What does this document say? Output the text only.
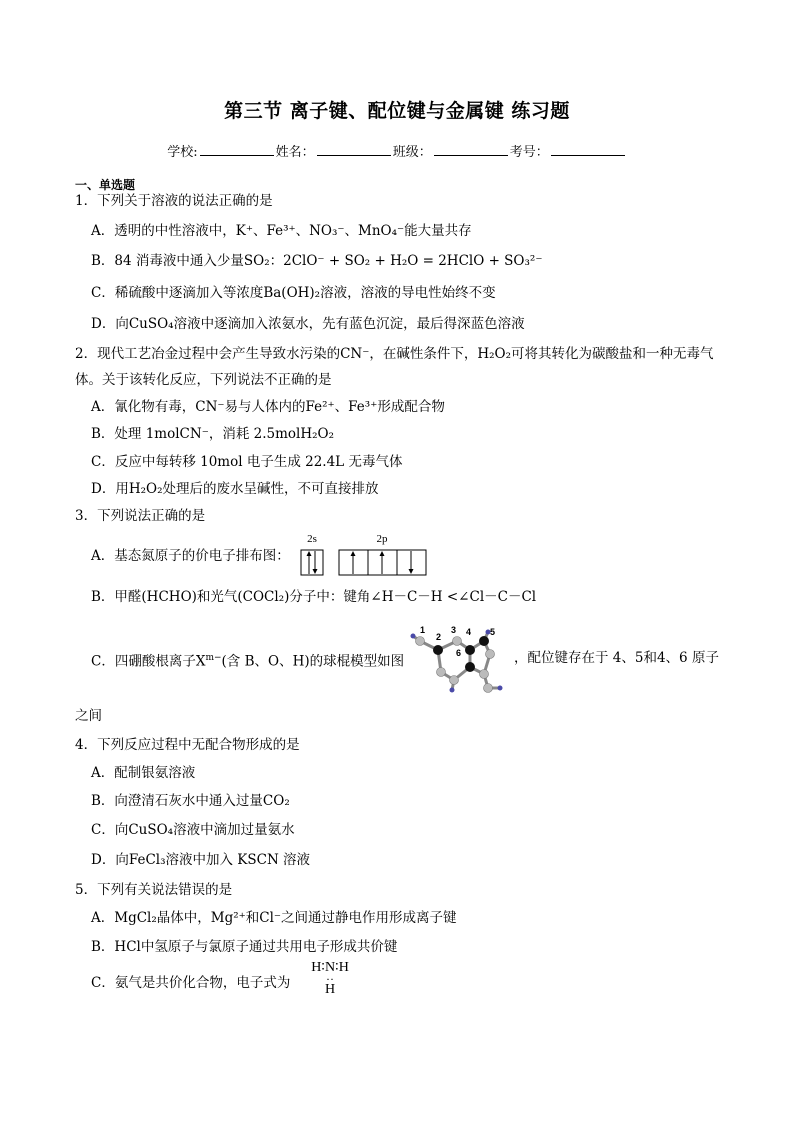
第三节 离子键、配位键与金属键 练习题
学校:	姓名：	班级：	考号：
一、单选题
1．下列关于溶液的说法正确的是
A．透明的中性溶液中，K⁺、Fe³⁺、NO₃⁻、MnO₄⁻能大量共存
B．84 消毒液中通入少量SO₂：2ClO⁻ + SO₂ + H₂O = 2HClO + SO₃²⁻
C．稀硫酸中逐滴加入等浓度Ba(OH)₂溶液，溶液的导电性始终不变
D．向CuSO₄溶液中逐滴加入浓氨水，先有蓝色沉淀，最后得深蓝色溶液
2．现代工艺冶金过程中会产生导致水污染的CN⁻，在碱性条件下，H₂O₂可将其转化为碳酸盐和一种无毒气
体。关于该转化反应，下列说法不正确的是
A．氰化物有毒，CN⁻易与人体内的Fe²⁺、Fe³⁺形成配合物
B．处理 1molCN⁻，消耗 2.5molH₂O₂
C．反应中每转移 10mol 电子生成 22.4L 无毒气体
D．用H₂O₂处理后的废水呈碱性，不可直接排放
3．下列说法正确的是
A．基态氮原子的价电子排布图：
2s	2p
B．甲醛(HCHO)和光气(COCl₂)分子中：键角∠H－C－H <∠Cl－C－Cl
C．四硼酸根离子$X^{m-}$(含 B、O、H)的球棍模型如图
1
2
3 4 5
6	，配位键存在于 4、5和4、6 原子
之间
4．下列反应过程中无配合物形成的是
A．配制银氨溶液
B．向澄清石灰水中通入过量CO₂
C．向CuSO₄溶液中滴加过量氨水
D．向FeCl₃溶液中加入 KSCN 溶液
5．下列有关说法错误的是
A．MgCl₂晶体中，Mg²⁺和Cl⁻之间通过静电作用形成离子键
B．HCl中氢原子与氯原子通过共用电子形成共价键
C．氨气是共价化合物，电子式为
H∶N∶H
··
H
